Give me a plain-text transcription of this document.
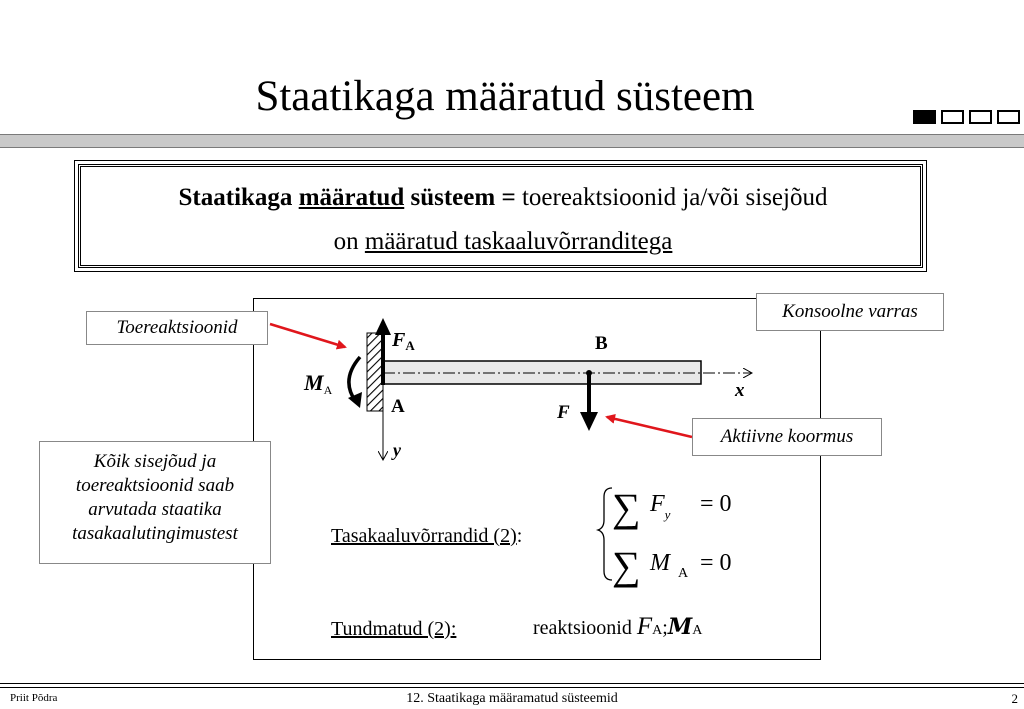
Staatikaga määratud süsteem
Staatikaga määratud süsteem = toereaktsioonid ja/või sisejõud
on määratud taskaaluvõrranditega
$F_A$
MA
A
B
F
x
y
∑ $F_y = 0$
∑ M A = 0
Toereaktsioonid
Konsoolne varras
Aktiivne koormus
Kõik sisejõud ja
toereaktsioonid saab
arvutada staatika
tasakaalutingimustest	Tasakaaluvõrrandid (2):
Tundmatud (2):	reaktsioonid FA;MA
Priit Põdra	12. Staatikaga määramatud süsteemid	2
